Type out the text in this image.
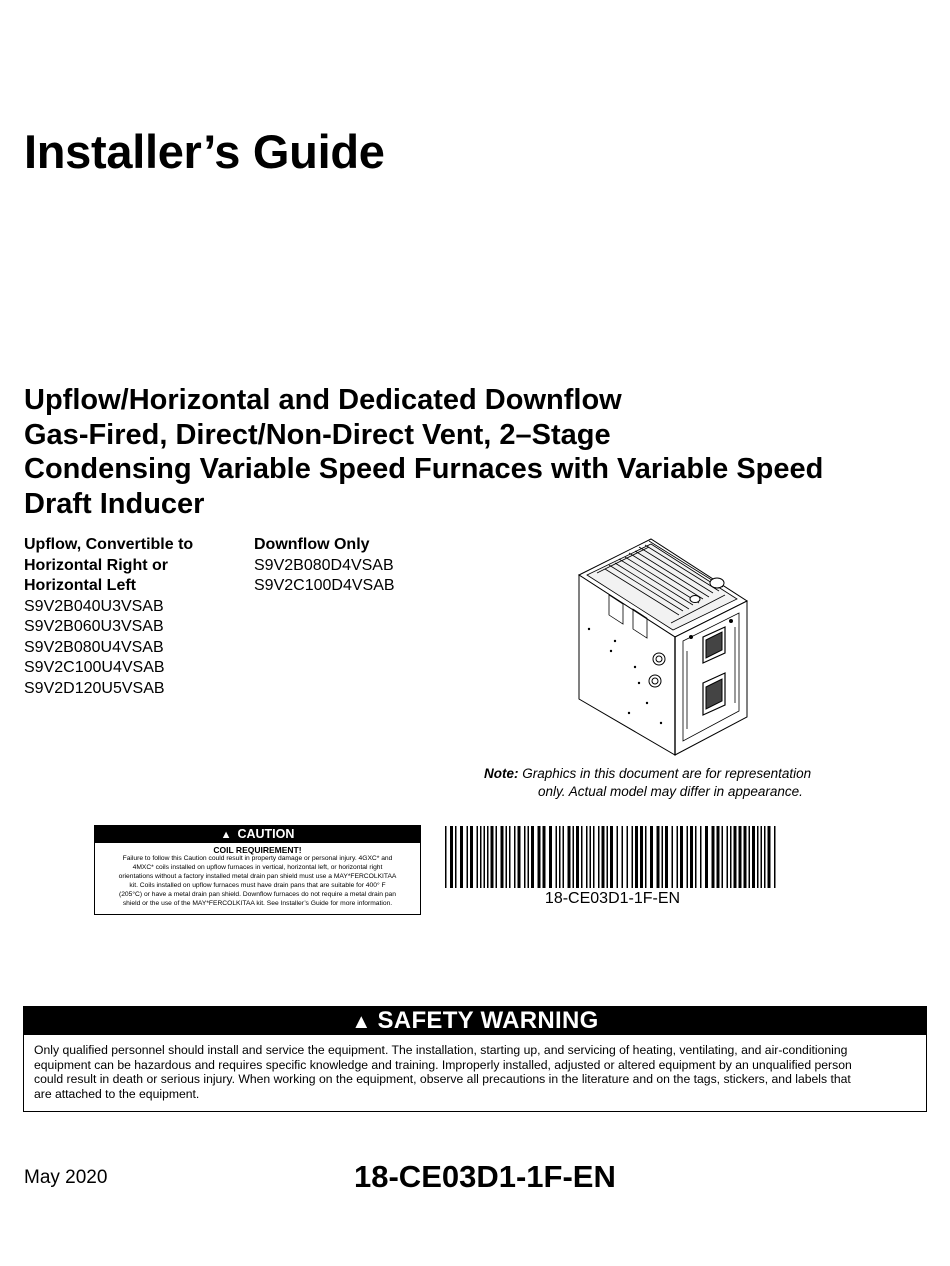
Installer’s Guide
Upflow/Horizontal and Dedicated Downflow
Gas-Fired, Direct/Non-Direct Vent, 2–Stage
Condensing Variable Speed Furnaces with Variable Speed
Draft Inducer
Upflow, Convertible to
Horizontal Right or
Horizontal Left
S9V2B040U3VSAB
S9V2B060U3VSAB
S9V2B080U4VSAB
S9V2C100U4VSAB
S9V2D120U5VSAB
Downflow Only
S9V2B080D4VSAB
S9V2C100D4VSAB
Note: Graphics in this document are for representation
only. Actual model may differ in appearance.
▲ CAUTION
COIL REQUIREMENT!
Failure to follow this Caution could result in property damage or personal injury. 4GXC* and
4MXC* coils installed on upflow furnaces in vertical, horizontal left, or horizontal right
orientations without a factory installed metal drain pan shield must use a MAY*FERCOLKITAA
kit. Coils installed on upflow furnaces must have drain pans that are suitable for 400° F
(205°C) or have a metal drain pan shield. Downflow furnaces do not require a metal drain pan
shield or the use of the MAY*FERCOLKITAA kit. See Installer’s Guide for more information.	18-CE03D1-1F-EN
▲ SAFETY WARNING
Only qualified personnel should install and service the equipment. The installation, starting up, and servicing of heating, ventilating, and air-conditioning
equipment can be hazardous and requires specific knowledge and training. Improperly installed, adjusted or altered equipment by an unqualified person
could result in death or serious injury. When working on the equipment, observe all precautions in the literature and on the tags, stickers, and labels that
are attached to the equipment.
May 2020	18-CE03D1-1F-EN
